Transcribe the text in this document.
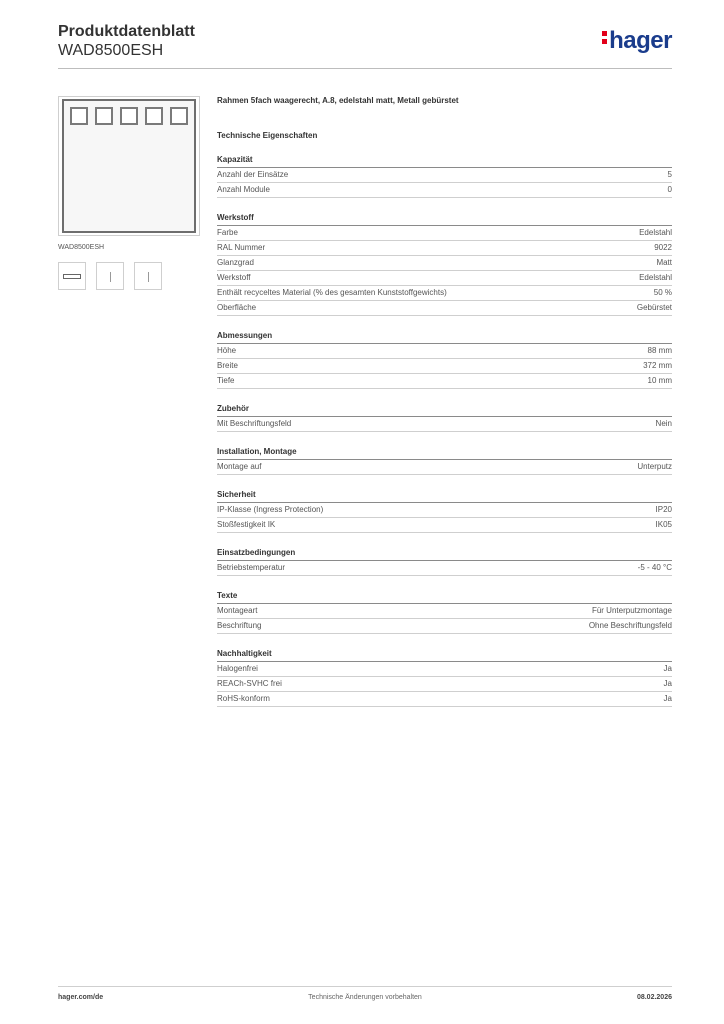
Produktdatenblatt
WAD8500ESH	hager
WAD8500ESH
Rahmen 5fach waagerecht, A.8, edelstahl matt, Metall gebürstet
Technische Eigenschaften
Kapazität
Anzahl der Einsätze	5
Anzahl Module	0
Werkstoff
Farbe	Edelstahl
RAL Nummer	9022
Glanzgrad	Matt
Werkstoff	Edelstahl
Enthält recyceltes Material (% des gesamten Kunststoffgewichts)	50 %
Oberfläche	Gebürstet
Abmessungen
Höhe	88 mm
Breite	372 mm
Tiefe	10 mm
Zubehör
Mit Beschriftungsfeld	Nein
Installation, Montage
Montage auf	Unterputz
Sicherheit
IP-Klasse (Ingress Protection)	IP20
Stoßfestigkeit IK	IK05
Einsatzbedingungen
Betriebstemperatur	-5 - 40 °C
Texte
Montageart	Für Unterputzmontage
Beschriftung	Ohne Beschriftungsfeld
Nachhaltigkeit
Halogenfrei	Ja
REACh-SVHC frei	Ja
RoHS-konform	Ja
hager.com/de	Technische Änderungen vorbehalten	08.02.2026
